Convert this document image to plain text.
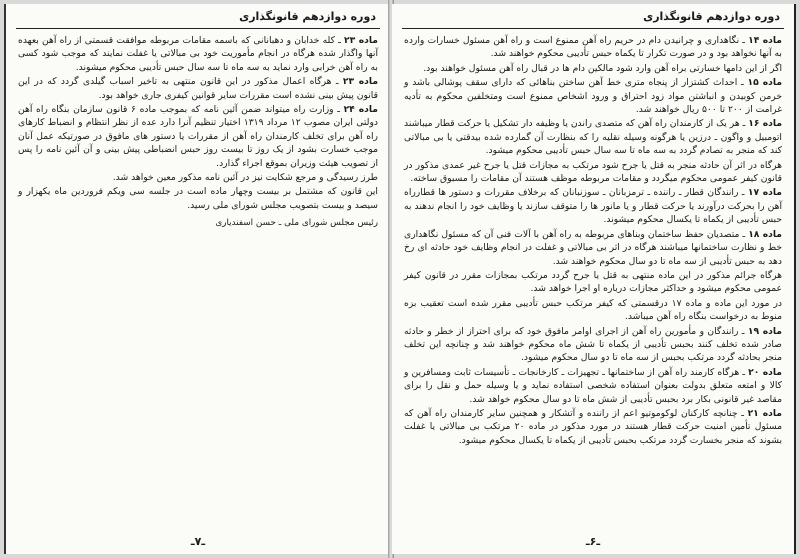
دوره دوازدهم قانونگذاری

ماده ۲۳ ـ کله خدابان و دهبانانی که باسمه مقامات مربوطه موافقت قسمتی از راه آهن بعهده آنها واگذار شده هرگاه در انجام مأموریت خود بی مبالاتی یا غفلت نمایند که موجب شود کسی به راه آهن خرابی وارد نماید به سه ماه تا سه سال حبس تأدیبی محکوم میشوند.

ماده ۲۳ ـ هرگاه اعمال مذکور در این قانون منتهی به تاخیر اسباب گیلدی گردد که در این قانون پیش بینی نشده است مقررات سایر قوانین کیفری جاری خواهد بود.

ماده ۲۴ ـ وزارت راه میتواند ضمن آئین نامه که بموجب ماده ۶ قانون سازمان بنگاه راه آهن دولتی ایران مصوب ۱۲ مرداد ۱۳۱۹ اختیار تنظیم آنرا دارد عده از نظر انتظام و انضباط کارهای راه آهن برای تخلف کارمندان راه آهن از مقررات یا دستور های مافوق در صورتیکه عمل آنان موجب خسارت بشود از یک روز تا بیست روز حبس انضباطی پیش بینی و آن آئین نامه را پس از تصویب هیئت وزیران بموقع اجراء گذارد.

طرز رسیدگی و مرجع شکایت نیز در آئین نامه مذکور معین خواهد شد.

این قانون که مشتمل بر بیست وچهار ماده است در جلسه سی ویکم فروردین ماه یکهزار و سیصد و بیست بتصویب مجلس شورای ملی رسید.

رئیس مجلس شورای ملی ـ حسن اسفندیاری
ـ۷ـ
دوره دوازدهم قانونگذاری

ماده ۱۴ ـ نگاهداری و چرانیدن دام در حریم راه آهن ممنوع است و راه آهن مسئول خسارات وارده به آنها نخواهد بود و در صورت تکرار تا یکماه حبس تأدیبی محکوم خواهند شد.

اگر از این دامها خسارتی براه آهن وارد شود مالکین دام ها در قبال راه آهن مسئول خواهند بود.

ماده ۱۵ ـ احداث کشتزار از پنجاه متری خط آهن ساختن بناهائی که دارای سقف پوشالی باشد و خرمن کوبیدن و انباشتن مواد زود احتراق و ورود اشخاص ممنوع است ومتخلفین محکوم به تأدیه غرامت از ۲۰۰ تا ۵۰۰ ریال خواهند شد.

ماده ۱۶ ـ هر یک از کارمندان راه آهن که متصدی راندن یا وظیفه دار تشکیل یا حرکت قطار میباشند اتومبیل و واگون ـ درزین یا هرگونه وسیله نقلیه را که بنظارت آن گمارده شده بیدقتی یا بی مبالاتی کند که منجر به تصادم گردد به سه ماه تا سه سال حبس تأدیبی محکوم میشود.

هرگاه در اثر آن حادثه منجر به قتل یا جرح شود مرتکب به مجازات قتل یا جرح غیر عمدی مذکور در قانون کیفر عمومی محکوم میگردد و مقامات مربوطه موظف هستند آن مقامات را مسبوق ساخته.

ماده ۱۷ ـ رانندگان قطار ـ راننده ـ ترمزبانان ـ سوزنبانان که برخلاف مقررات و دستور ها قطارراه آهن را بحرکت درآورند یا حرکت قطار و یا مانور ها را متوقف سازند یا وظایف خود را انجام ندهند به حبس تأدیبی از یکماه تا یکسال محکوم میشوند.

ماده ۱۸ ـ متصدیان حفظ ساختمان وبناهای مربوطه به راه آهن با آلات فنی آن که مسئول نگاهداری خط و نظارت ساختمانها میباشند هرگاه در اثر بی مبالاتی و غفلت در انجام وظایف خود حادثه ای رخ دهد به حبس تأدیبی از سه ماه تا دو سال محکوم خواهند شد.

هرگاه جرائم مذکور در این ماده منتهی به قتل یا جرح گردد مرتکب بمجازات مقرر در قانون کیفر عمومی محکوم میشود و حداکثر مجازات درباره او اجرا خواهد شد.

در مورد این ماده و ماده ۱۷ درقسمتی که کیفر مرتکب حبس تأدیبی مقرر شده است تعقیب بزه منوط به درخواست بنگاه راه آهن میباشد.

ماده ۱۹ ـ رانندگان و مأمورین راه آهن از اجرای اوامر مافوق خود که برای احتراز از خطر و حادثه صادر شده تخلف کنند بحبس تأدیبی از یکماه تا شش ماه محکوم خواهند شد و چنانچه این تخلف منجر بحادثه گردد مرتکب بحبس از سه ماه تا دو سال محکوم میشود.

ماده ۲۰ ـ هرگاه کارمند راه آهن از ساختمانها ـ تجهیزات ـ کارخانجات ـ تأسیسات ثابت ومسافرین و کالا و امتعه متعلق بدولت بعنوان استفاده شخصی استفاده نماید و یا وسیله حمل و نقل را برای مقاصد غیر قانونی بکار برد بحبس تأدیبی از شش ماه تا دو سال محکوم خواهد شد.

ماده ۲۱ ـ چنانچه کارکنان لوکوموتیو اعم از راننده و آتشکار و همچنین سایر کارمندان راه آهن که مسئول تأمین امنیت حرکت قطار هستند در مورد مذکور در ماده ۲۰ مرتکب بی مبالاتی یا غفلت بشوند که منجر بخسارت گردد مرتکب بحبس تأدیبی از یکماه تا یکسال محکوم میشود.

ـ۶ـ
